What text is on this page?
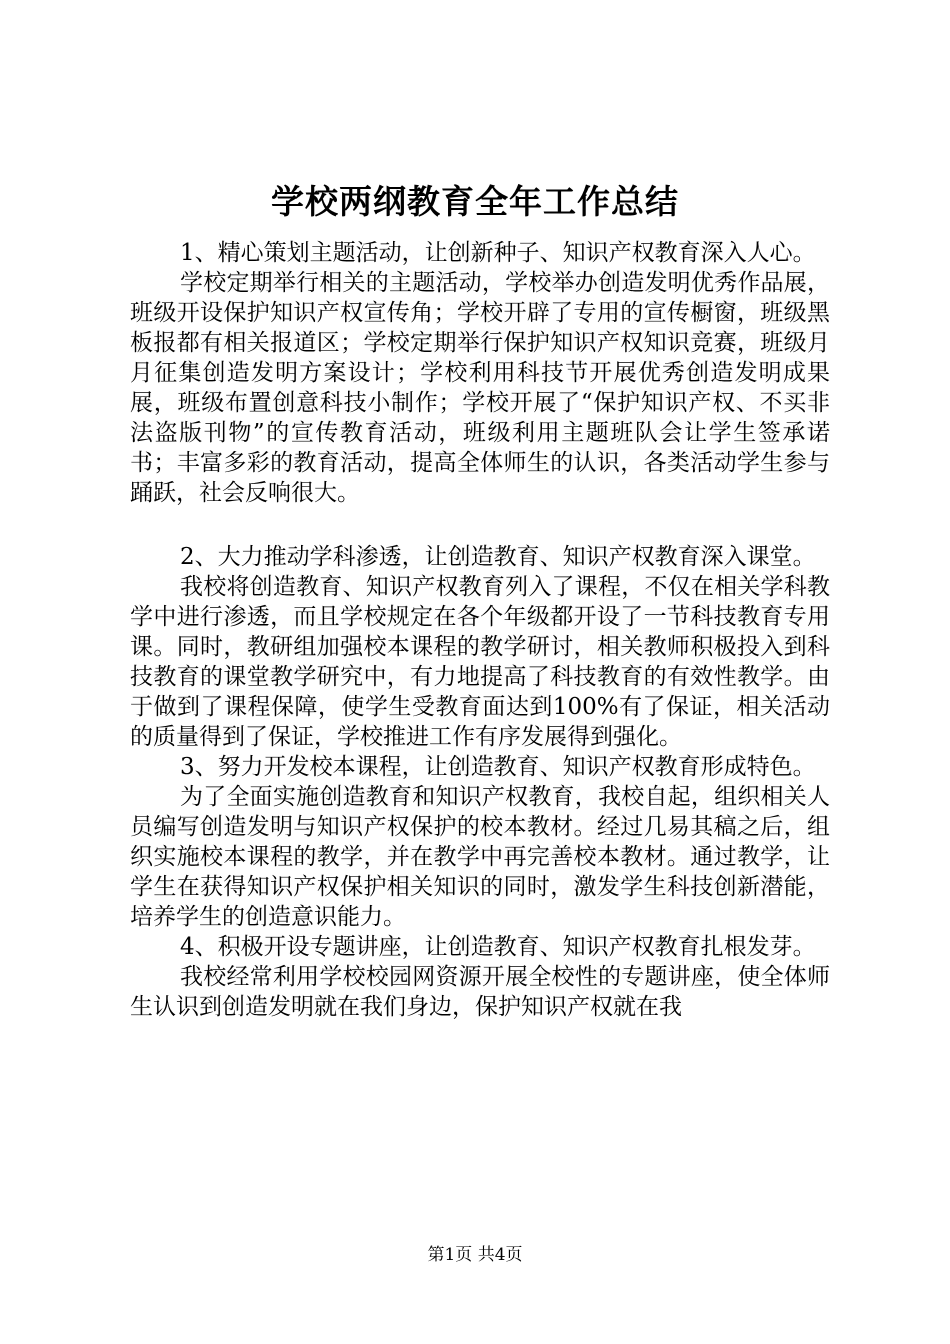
学校两纲教育全年工作总结

1、精心策划主题活动，让创新种子、知识产权教育深入人心。

学校定期举行相关的主题活动，学校举办创造发明优秀作品展，班级开设保护知识产权宣传角；学校开辟了专用的宣传橱窗，班级黑板报都有相关报道区；学校定期举行保护知识产权知识竞赛，班级月月征集创造发明方案设计；学校利用科技节开展优秀创造发明成果展，班级布置创意科技小制作；学校开展了“保护知识产权、不买非法盗版刊物”的宣传教育活动，班级利用主题班队会让学生签承诺书；丰富多彩的教育活动，提高全体师生的认识，各类活动学生参与踊跃，社会反响很大。

2、大力推动学科渗透，让创造教育、知识产权教育深入课堂。

我校将创造教育、知识产权教育列入了课程，不仅在相关学科教学中进行渗透，而且学校规定在各个年级都开设了一节科技教育专用课。同时，教研组加强校本课程的教学研讨，相关教师积极投入到科技教育的课堂教学研究中，有力地提高了科技教育的有效性教学。由于做到了课程保障，使学生受教育面达到100%有了保证，相关活动的质量得到了保证，学校推进工作有序发展得到强化。

3、努力开发校本课程，让创造教育、知识产权教育形成特色。

为了全面实施创造教育和知识产权教育，我校自起，组织相关人员编写创造发明与知识产权保护的校本教材。经过几易其稿之后，组织实施校本课程的教学，并在教学中再完善校本教材。通过教学，让学生在获得知识产权保护相关知识的同时，激发学生科技创新潜能，培养学生的创造意识能力。

4、积极开设专题讲座，让创造教育、知识产权教育扎根发芽。

我校经常利用学校校园网资源开展全校性的专题讲座，使全体师生认识到创造发明就在我们身边，保护知识产权就在我

第1页 共4页
